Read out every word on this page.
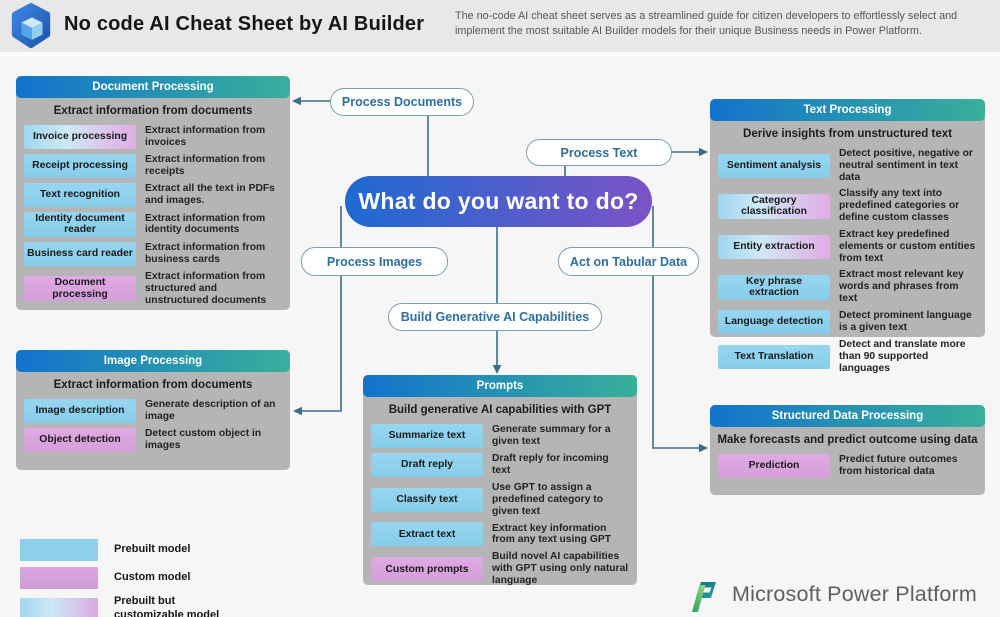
No code AI Cheat Sheet by AI Builder	The no-code AI cheat sheet serves as a streamlined guide for citizen developers to effortlessly select and implement the most suitable AI Builder models for their unique Business needs in Power Platform.
What do you want to do?
Process Documents
Process Text
Process Images	Act on Tabular Data
Build Generative AI Capabilities
Document Processing
Extract information from documents
Invoice processing
Extract information from invoices
Receipt processing
Extract information from receipts
Text recognition
Extract all the text in PDFs and images.
Identity document reader
Extract information from identity documents
Business card reader
Extract information from business cards
Document processing
Extract information from structured and unstructured documents
Text Processing
Derive insights from unstructured text
Sentiment analysis
Detect positive, negative or neutral sentiment in text data
Category classification
Classify any text into predefined categories or define custom classes
Entity extraction
Extract key predefined elements or custom entities from text
Key phrase extraction
Extract most relevant key words and phrases from text
Language detection
Detect prominent language is a given text
Text Translation
Detect and translate more than 90 supported languages
Image Processing
Extract information from documents
Image description
Generate description of an image
Object detection
Detect custom object in images
Prompts
Build generative AI capabilities with GPT
Summarize text
Generate summary for a given text
Draft reply
Draft reply for incoming text
Classify text
Use GPT to assign a predefined category to given text
Extract text
Extract key information from any text using GPT
Custom prompts
Build novel AI capabilities with GPT using only natural language
Structured Data Processing
Make forecasts and predict outcome using data
Prediction
Predict future outcomes from historical data
Prebuilt model
Custom model
Prebuilt but customizable model
Microsoft Power Platform
